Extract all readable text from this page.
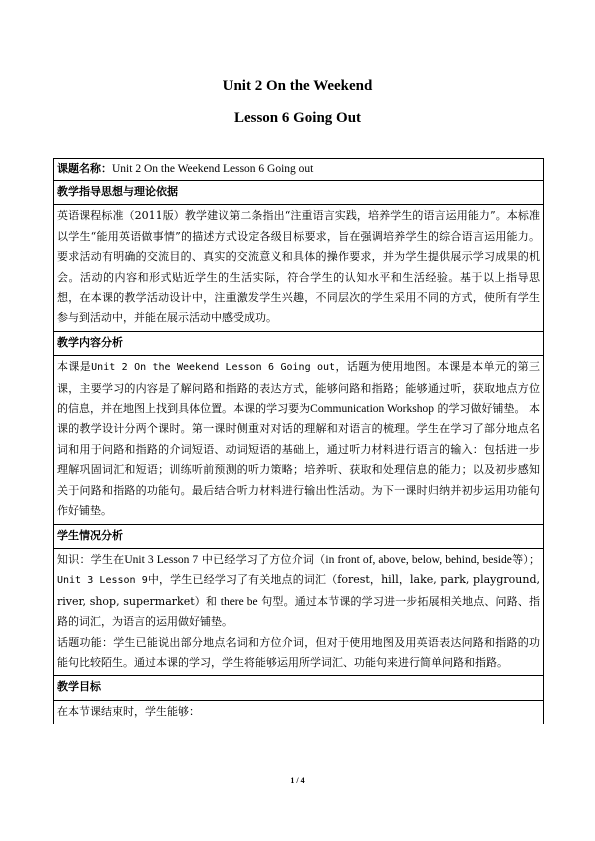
Unit 2 On the Weekend
Lesson 6 Going Out
课题名称：Unit 2 On the Weekend Lesson 6 Going out
教学指导思想与理论依据
英语课程标准（2011版）教学建议第二条指出“注重语言实践，培养学生的语言运用能力”。本标准以学生“能用英语做事情”的描述方式设定各级目标要求，旨在强调培养学生的综合语言运用能力。要求活动有明确的交流目的、真实的交流意义和具体的操作要求，并为学生提供展示学习成果的机会。活动的内容和形式贴近学生的生活实际，符合学生的认知水平和生活经验。基于以上指导思想，在本课的教学活动设计中，注重激发学生兴趣，不同层次的学生采用不同的方式，使所有学生参与到活动中，并能在展示活动中感受成功。
教学内容分析
本课是Unit 2 On the Weekend Lesson 6 Going out，话题为使用地图。本课是本单元的第三课，主要学习的内容是了解问路和指路的表达方式，能够问路和指路；能够通过听，获取地点方位的信息，并在地图上找到具体位置。本课的学习要为Communication Workshop 的学习做好铺垫。 本课的教学设计分两个课时。第一课时侧重对对话的理解和对语言的梳理。学生在学习了部分地点名词和用于问路和指路的介词短语、动词短语的基础上，通过听力材料进行语言的输入：包括进一步理解巩固词汇和短语；训练听前预测的听力策略；培养听、获取和处理信息的能力；以及初步感知关于问路和指路的功能句。最后结合听力材料进行输出性活动。为下一课时归纳并初步运用功能句作好铺垫。
学生情况分析

知识：学生在Unit 3 Lesson 7 中已经学习了方位介词（in front of, above, below, behind, beside等）；Unit 3 Lesson 9中，学生已经学习了有关地点的词汇（forest，hill，lake, park, playground, river, shop, supermarket）和 there be 句型。通过本节课的学习进一步拓展相关地点、问路、指路的词汇，为语言的运用做好铺垫。

话题功能：学生已能说出部分地点名词和方位介词，但对于使用地图及用英语表达问路和指路的功能句比较陌生。通过本课的学习，学生将能够运用所学词汇、功能句来进行简单问路和指路。

教学目标
在本节课结束时，学生能够：
1 / 4
